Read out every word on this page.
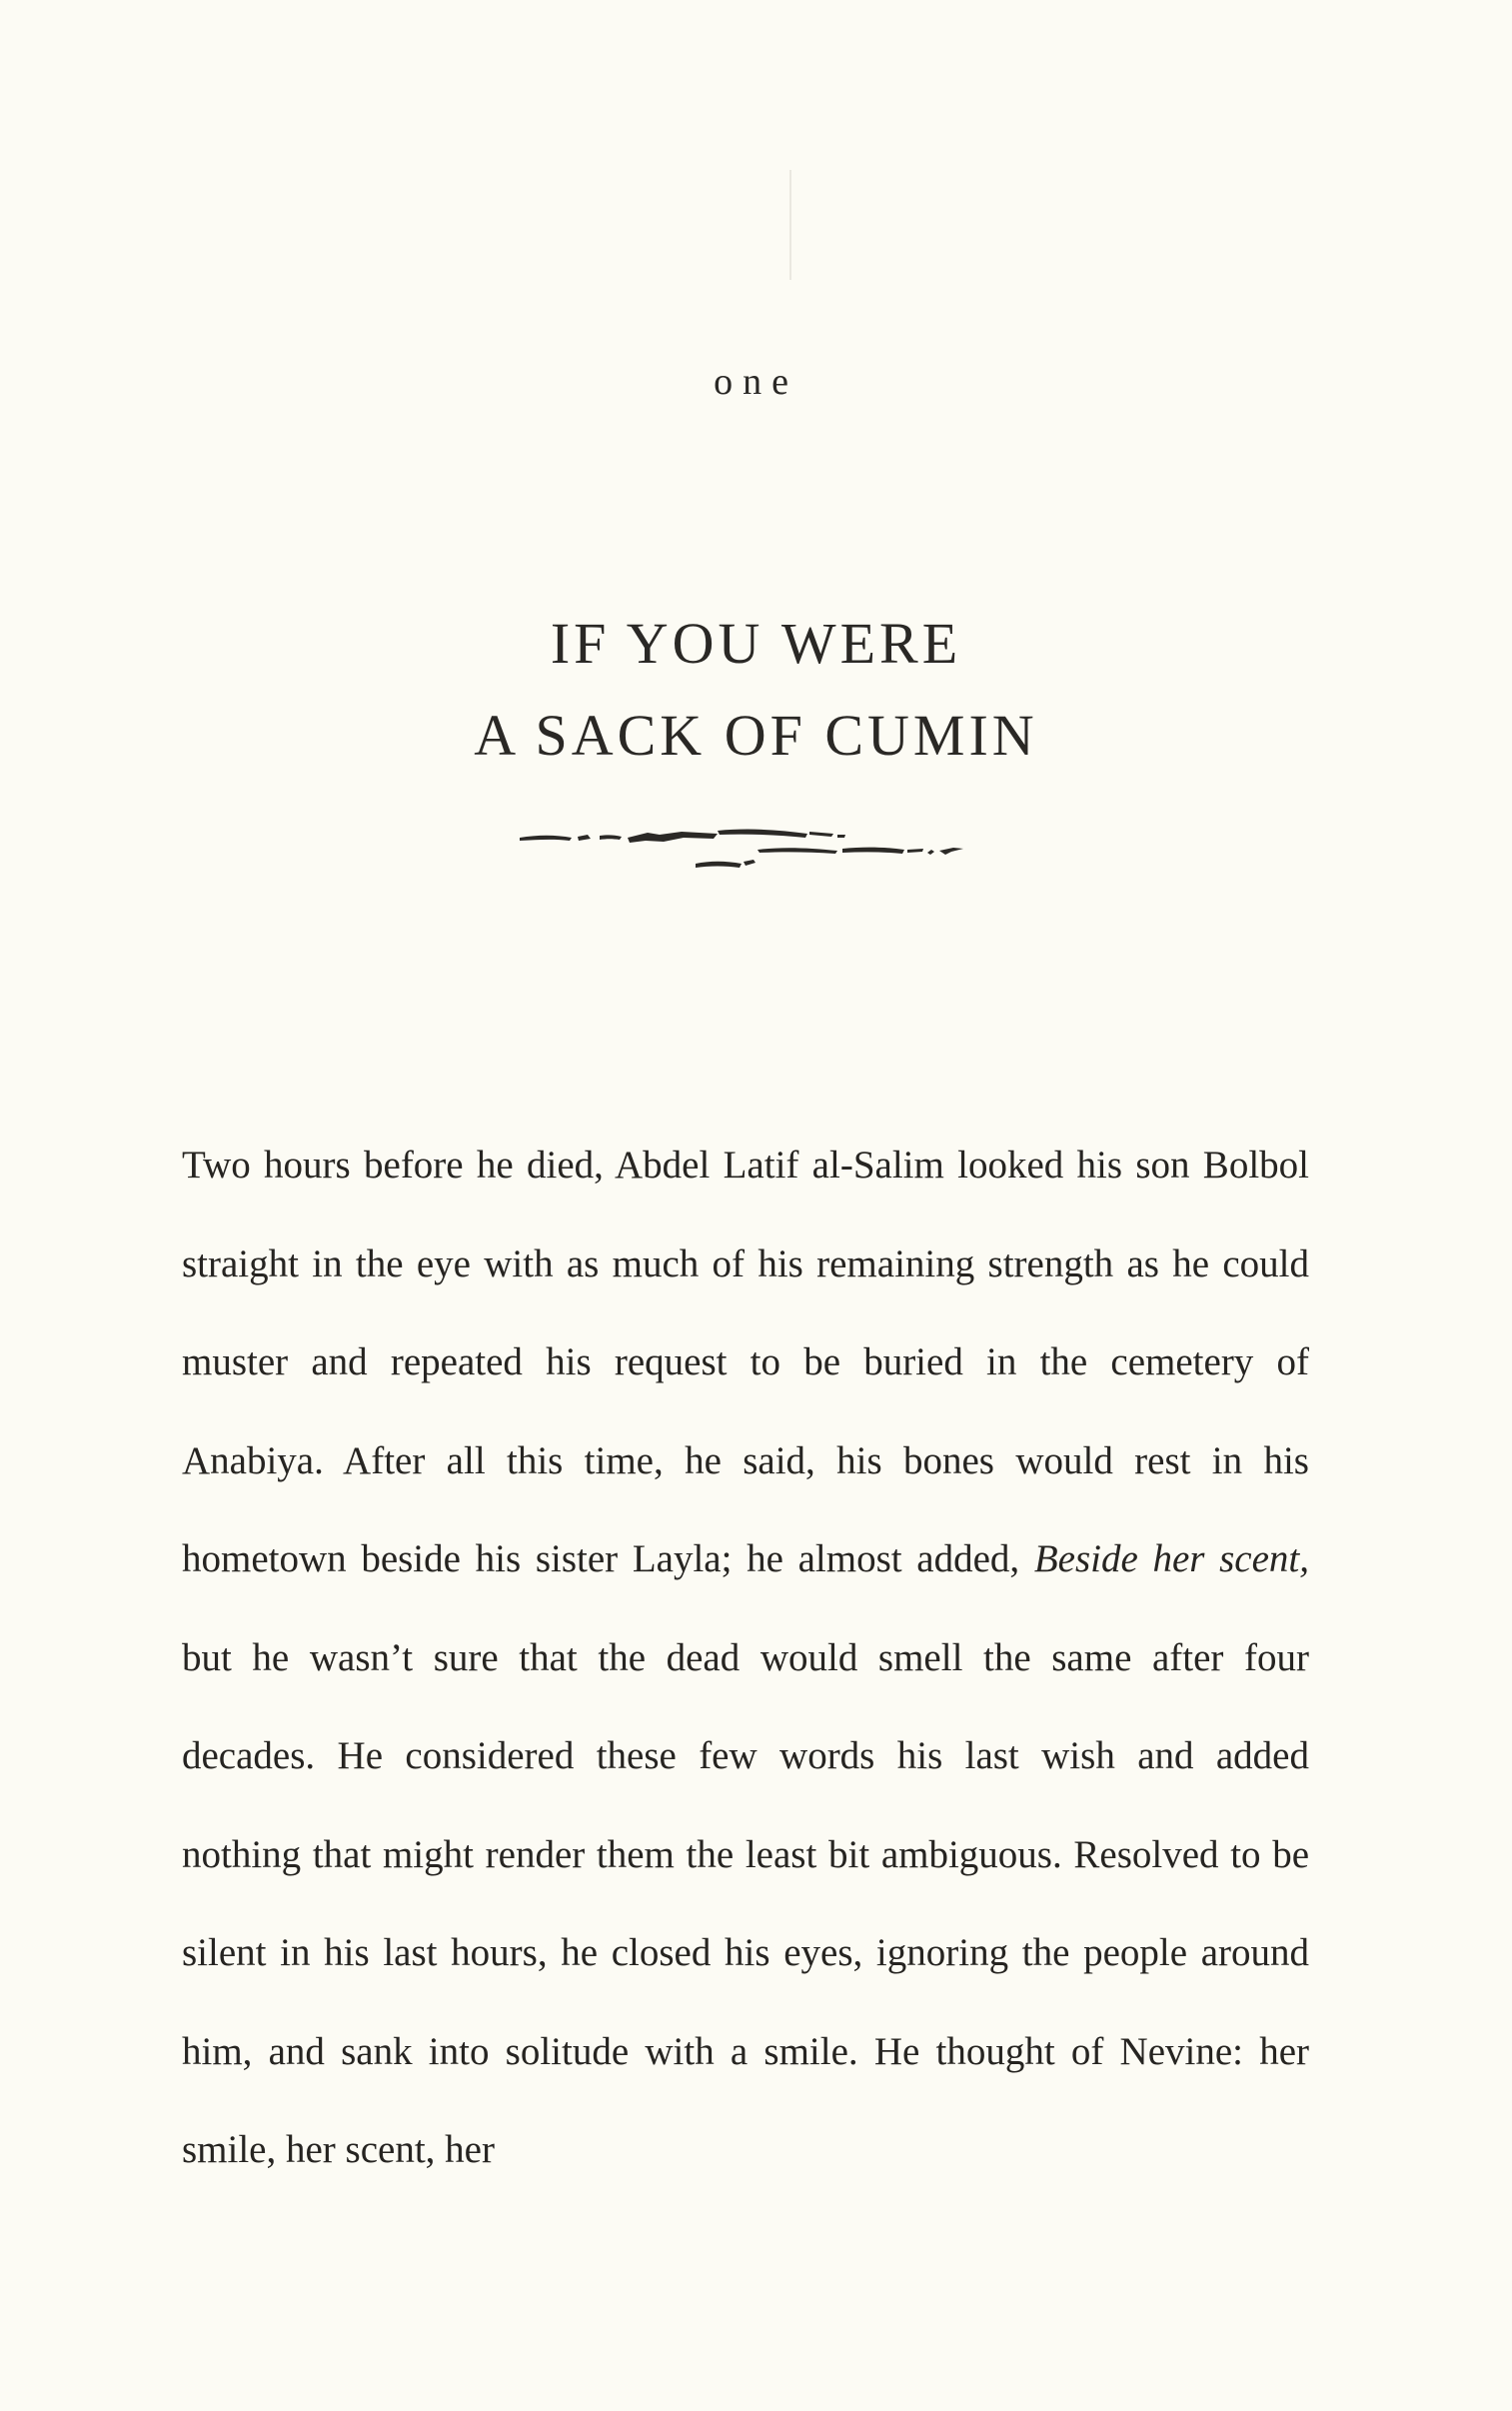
one
IF YOU WERE
A SACK OF CUMIN

Two hours before he died, Abdel Latif al-Salim looked his son Bolbol straight in the eye with as much of his remaining strength as he could muster and repeated his request to be buried in the cemetery of Anabiya. After all this time, he said, his bones would rest in his hometown beside his sister Layla; he almost added, Beside her scent, but he wasn’t sure that the dead would smell the same after four decades. He considered these few words his last wish and added nothing that might render them the least bit ambiguous. Resolved to be silent in his last hours, he closed his eyes, ignoring the people around him, and sank into solitude with a smile. He thought of Nevine: her smile, her scent, her
